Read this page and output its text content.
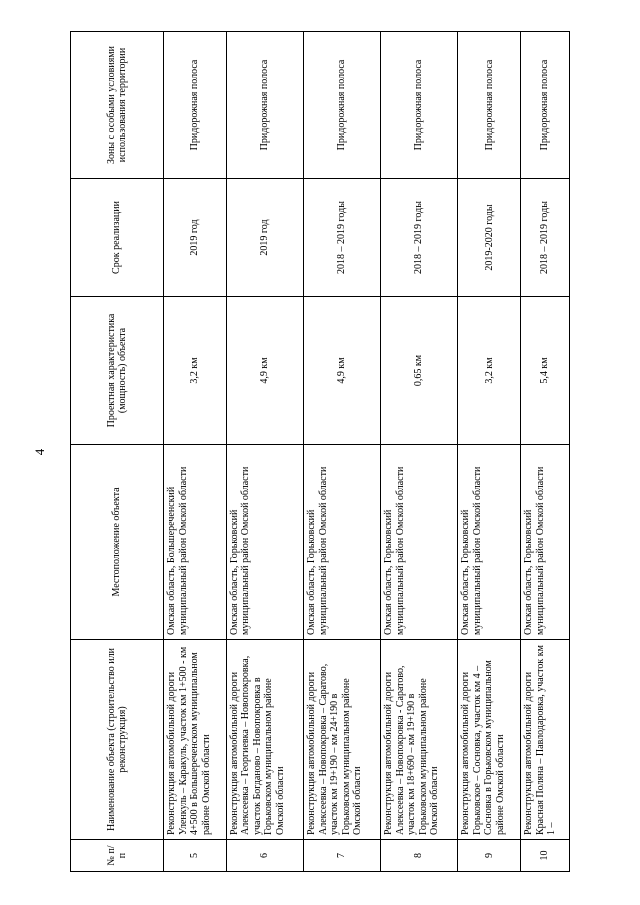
4
№ п/п	Наименование объекта (строительство или реконструкция)	Местоположение объекта	Проектная характеристика (мощность) объекта	Срок реализации	Зоны с особыми условиями использования территории
5	Реконструкция автомобильной дороги Уленкуль – Каракуль, участок км 1+500 - км 4+500 в Большереченском муниципальном районе Омской области	Омская область, Большереченский муниципальный район Омской области	3,2 км	2019 год	Придорожная полоса
6	Реконструкция автомобильной дороги Алексеевка – Георгиевка – Новопокровка, участок Богданово – Новопокровка в Горьковском муниципальном районе Омской области	Омская область, Горьковский муниципальный район Омской области	4,9 км	2019 год	Придорожная полоса
7	Реконструкция автомобильной дороги Алексеевка – Новопокровка – Саратово, участок км 19+190 – км 24+190 в Горьковском муниципальном районе Омской области	Омская область, Горьковский муниципальный район Омской области	4,9 км	2018 – 2019 годы	Придорожная полоса
8	Реконструкция автомобильной дороги Алексеевка – Новопокровка - Саратово, участок км 18+690 – км 19+190 в Горьковском муниципальном районе Омской области	Омская область, Горьковский муниципальный район Омской области	0,65 км	2018 – 2019 годы	Придорожная полоса
9	Реконструкция автомобильной дороги Горьковское – Сосновка, участок км 4 – Сосновка в Горьковском муниципальном районе Омской области	Омская область, Горьковский муниципальный район Омской области	3,2 км	2019-2020 годы	Придорожная полоса
10	Реконструкция автомобильной дороги Красная Поляна – Павлодаровка, участок км 1 –	Омская область, Горьковский муниципальный район Омской области	5,4 км	2018 – 2019 годы	Придорожная полоса
